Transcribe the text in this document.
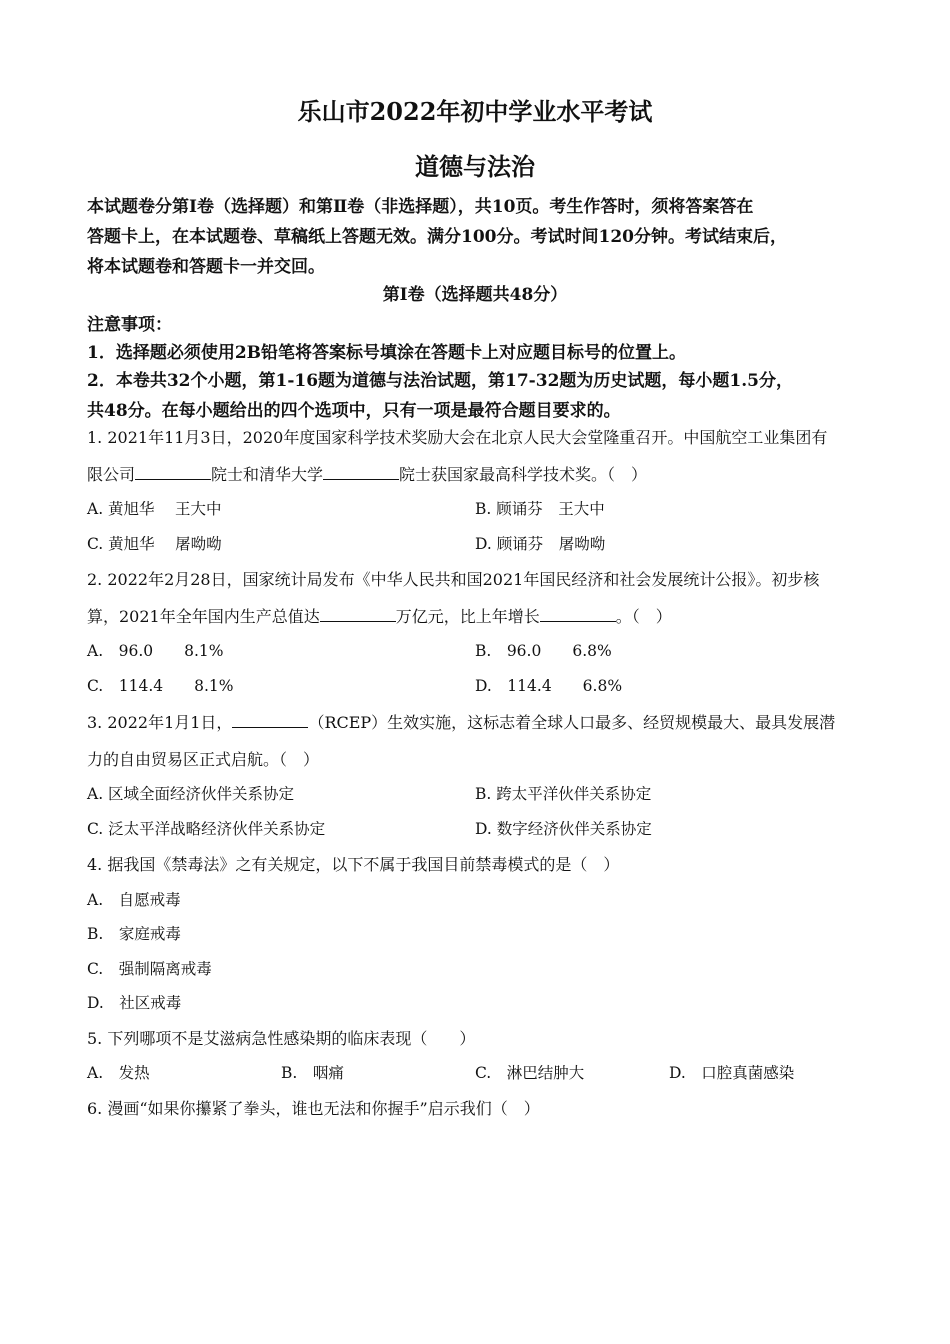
乐山市2022年初中学业水平考试
道德与法治
本试题卷分第Ⅰ卷（选择题）和第Ⅱ卷（非选择题），共10页。考生作答时，须将答案答在
答题卡上，在本试题卷、草稿纸上答题无效。满分100分。考试时间120分钟。考试结束后，
将本试题卷和答题卡一并交回。
第Ⅰ卷（选择题共48分）
注意事项：
1．选择题必须使用2B铅笔将答案标号填涂在答题卡上对应题目标号的位置上。
2．本卷共32个小题，第1-16题为道德与法治试题，第17-32题为历史试题，每小题1.5分，
共48分。在每小题给出的四个选项中，只有一项是最符合题目要求的。
1. 2021年11月3日，2020年度国家科学技术奖励大会在北京人民大会堂隆重召开。中国航空工业集团有
限公司	院士和清华大学	院士获国家最高科学技术奖。（　）
A. 黄旭华　 王大中	B. 顾诵芬　王大中
C. 黄旭华　 屠呦呦	D. 顾诵芬　屠呦呦
2. 2022年2月28日，国家统计局发布《中华人民共和国2021年国民经济和社会发展统计公报》。初步核
算，2021年全年国内生产总值达	万亿元，比上年增长	。（　）
A.　96.0　　8.1%	B.　96.0　　6.8%
C.　114.4　　8.1%	D.　114.4　　6.8%
3. 2022年1月1日，	（RCEP）生效实施，这标志着全球人口最多、经贸规模最大、最具发展潜
力的自由贸易区正式启航。（　）
A. 区域全面经济伙伴关系协定	B. 跨太平洋伙伴关系协定
C. 泛太平洋战略经济伙伴关系协定	D. 数字经济伙伴关系协定
4. 据我国《禁毒法》之有关规定，以下不属于我国目前禁毒模式的是（　）
A.　自愿戒毒
B.　家庭戒毒
C.　强制隔离戒毒
D.　社区戒毒
5. 下列哪项不是艾滋病急性感染期的临床表现（　　）
A.　发热	B.　咽痛	C.　淋巴结肿大	D.　口腔真菌感染
6. 漫画“如果你攥紧了拳头，谁也无法和你握手”启示我们（　）
